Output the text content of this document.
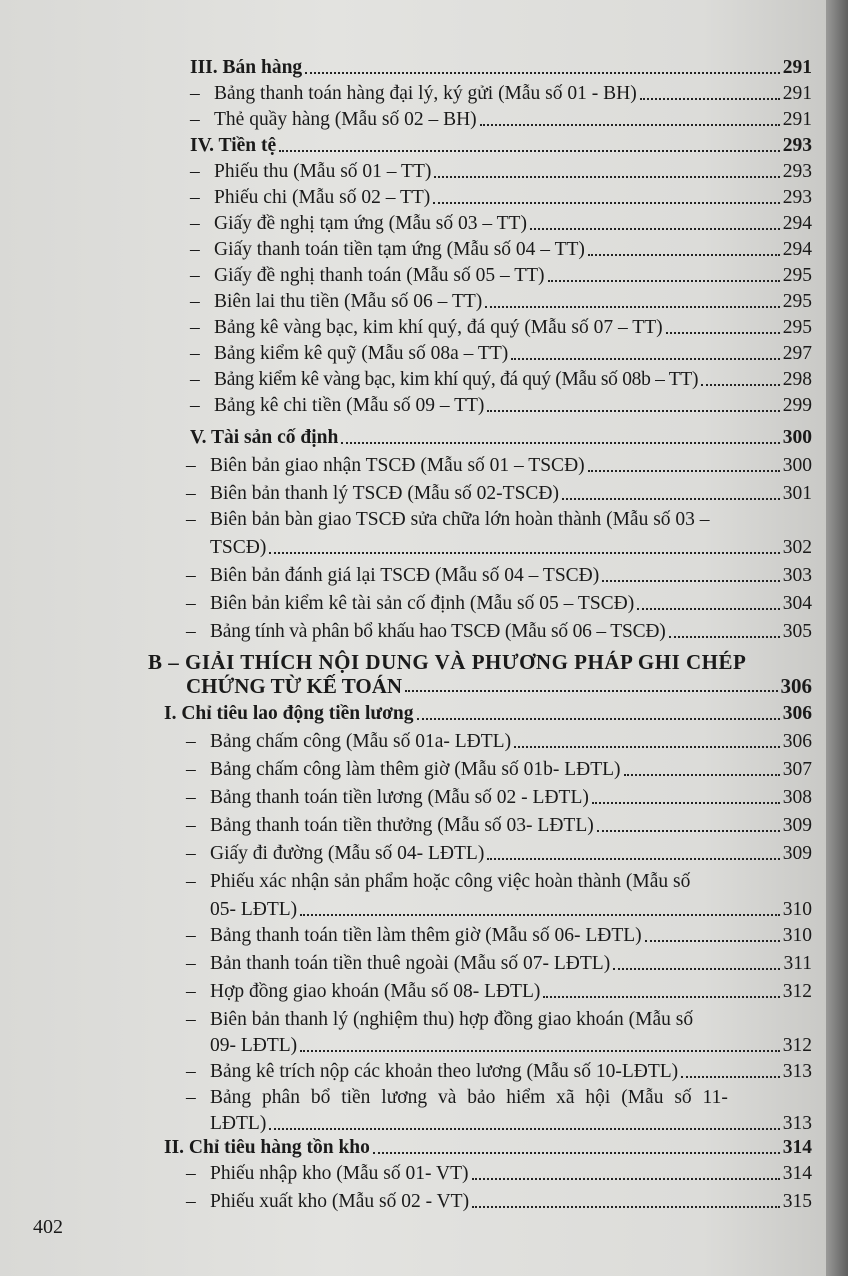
III. Bán hàng	291
– Bảng thanh toán hàng đại lý, ký gửi (Mẫu số 01 - BH)	291
– Thẻ quầy hàng (Mẫu số 02 – BH)	291
IV. Tiền tệ	293
– Phiếu thu (Mẫu số 01 – TT)	293
– Phiếu chi (Mẫu số 02 – TT)	293
– Giấy đề nghị tạm ứng (Mẫu số 03 – TT)	294
– Giấy thanh toán tiền tạm ứng (Mẫu số 04 – TT)	294
– Giấy đề nghị thanh toán (Mẫu số 05 – TT)	295
– Biên lai thu tiền (Mẫu số 06 – TT)	295
– Bảng kê vàng bạc, kim khí quý, đá quý (Mẫu số 07 – TT)	295
– Bảng kiểm kê quỹ (Mẫu số 08a – TT)	297
– Bảng kiểm kê vàng bạc, kim khí quý, đá quý (Mẫu số 08b – TT)	298
– Bảng kê chi tiền (Mẫu số 09 – TT)	299
V. Tài sản cố định	300
– Biên bản giao nhận TSCĐ (Mẫu số 01 – TSCĐ)	300
– Biên bản thanh lý TSCĐ (Mẫu số 02-TSCĐ)	301
– Biên bản bàn giao TSCĐ sửa chữa lớn hoàn thành (Mẫu số 03 –
TSCĐ)	302
– Biên bản đánh giá lại TSCĐ (Mẫu số 04 – TSCĐ)	303
– Biên bản kiểm kê tài sản cố định (Mẫu số 05 – TSCĐ)	304
– Bảng tính và phân bổ khấu hao TSCĐ (Mẫu số 06 – TSCĐ)	305
B – GIẢI THÍCH NỘI DUNG VÀ PHƯƠNG PHÁP GHI CHÉP
CHỨNG TỪ KẾ TOÁN	306
I. Chỉ tiêu lao động tiền lương	306
– Bảng chấm công (Mẫu số 01a- LĐTL)	306
– Bảng chấm công làm thêm giờ (Mẫu số 01b- LĐTL)	307
– Bảng thanh toán tiền lương (Mẫu số 02 - LĐTL)	308
– Bảng thanh toán tiền thưởng (Mẫu số 03- LĐTL)	309
– Giấy đi đường (Mẫu số 04- LĐTL)	309
– Phiếu xác nhận sản phẩm hoặc công việc hoàn thành (Mẫu số
05- LĐTL)	310
– Bảng thanh toán tiền làm thêm giờ (Mẫu số 06- LĐTL)	310
– Bản thanh toán tiền thuê ngoài (Mẫu số 07- LĐTL)	311
– Hợp đồng giao khoán (Mẫu số 08- LĐTL)	312
– Biên bản thanh lý (nghiệm thu) hợp đồng giao khoán (Mẫu số
09- LĐTL)	312
– Bảng kê trích nộp các khoản theo lương (Mẫu số 10-LĐTL)	313
– Bảng phân bổ tiền lương và bảo hiểm xã hội (Mẫu số 11-
LĐTL)	313
II. Chỉ tiêu hàng tồn kho	314
– Phiếu nhập kho (Mẫu số 01- VT)	314
– Phiếu xuất kho (Mẫu số 02 - VT)	315
402
